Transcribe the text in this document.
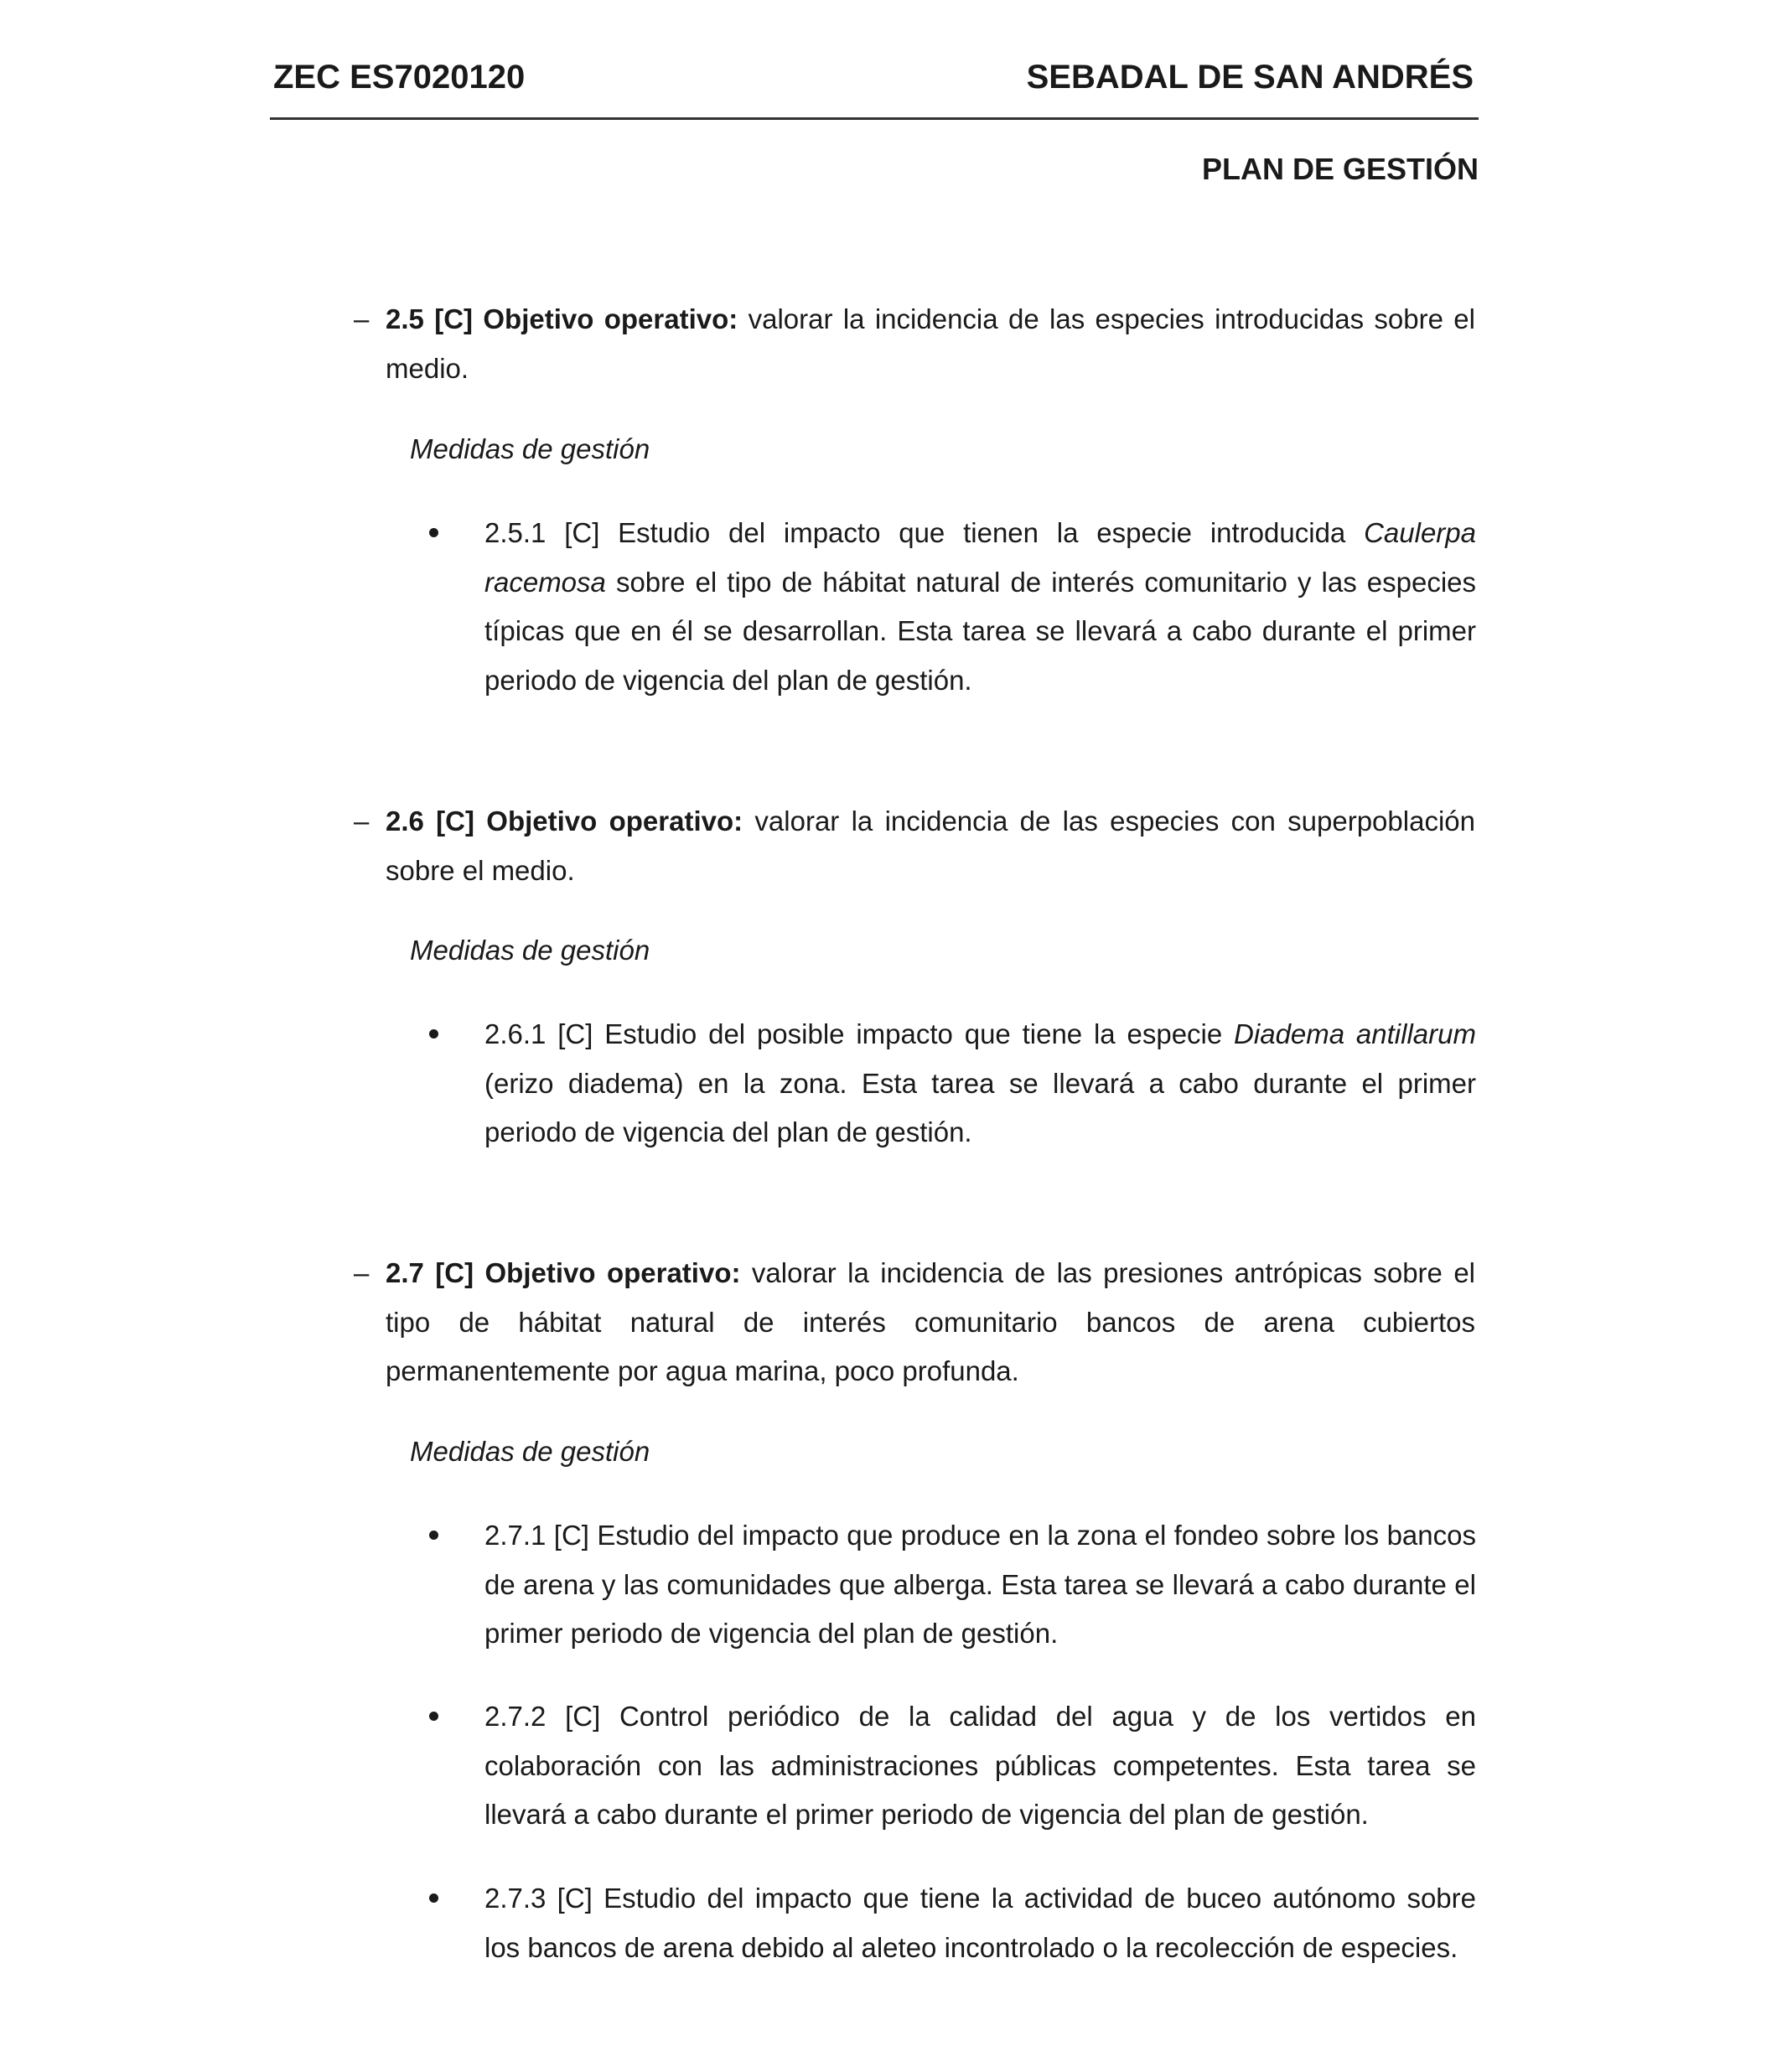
ZEC ES7020120	SEBADAL DE SAN ANDRÉS
PLAN DE GESTIÓN
– 2.5 [C] Objetivo operativo: valorar la incidencia de las especies introducidas sobre el medio.
Medidas de gestión
2.5.1 [C] Estudio del impacto que tienen la especie introducida Caulerpa racemosa sobre el tipo de hábitat natural de interés comunitario y las especies típicas que en él se desarrollan. Esta tarea se llevará a cabo durante el primer periodo de vigencia del plan de gestión.
– 2.6 [C] Objetivo operativo: valorar la incidencia de las especies con superpoblación sobre el medio.
Medidas de gestión
2.6.1 [C] Estudio del posible impacto que tiene la especie Diadema antillarum (erizo diadema) en la zona. Esta tarea se llevará a cabo durante el primer periodo de vigencia del plan de gestión.
– 2.7 [C] Objetivo operativo: valorar la incidencia de las presiones antrópicas sobre el tipo de hábitat natural de interés comunitario bancos de arena cubiertos permanentemente por agua marina, poco profunda.
Medidas de gestión
2.7.1 [C] Estudio del impacto que produce en la zona el fondeo sobre los bancos de arena y las comunidades que alberga. Esta tarea se llevará a cabo durante el primer periodo de vigencia del plan de gestión.
2.7.2 [C] Control periódico de la calidad del agua y de los vertidos en colaboración con las administraciones públicas competentes. Esta tarea se llevará a cabo durante el primer periodo de vigencia del plan de gestión.
2.7.3 [C] Estudio del impacto que tiene la actividad de buceo autónomo sobre los bancos de arena debido al aleteo incontrolado o la recolección de especies.
